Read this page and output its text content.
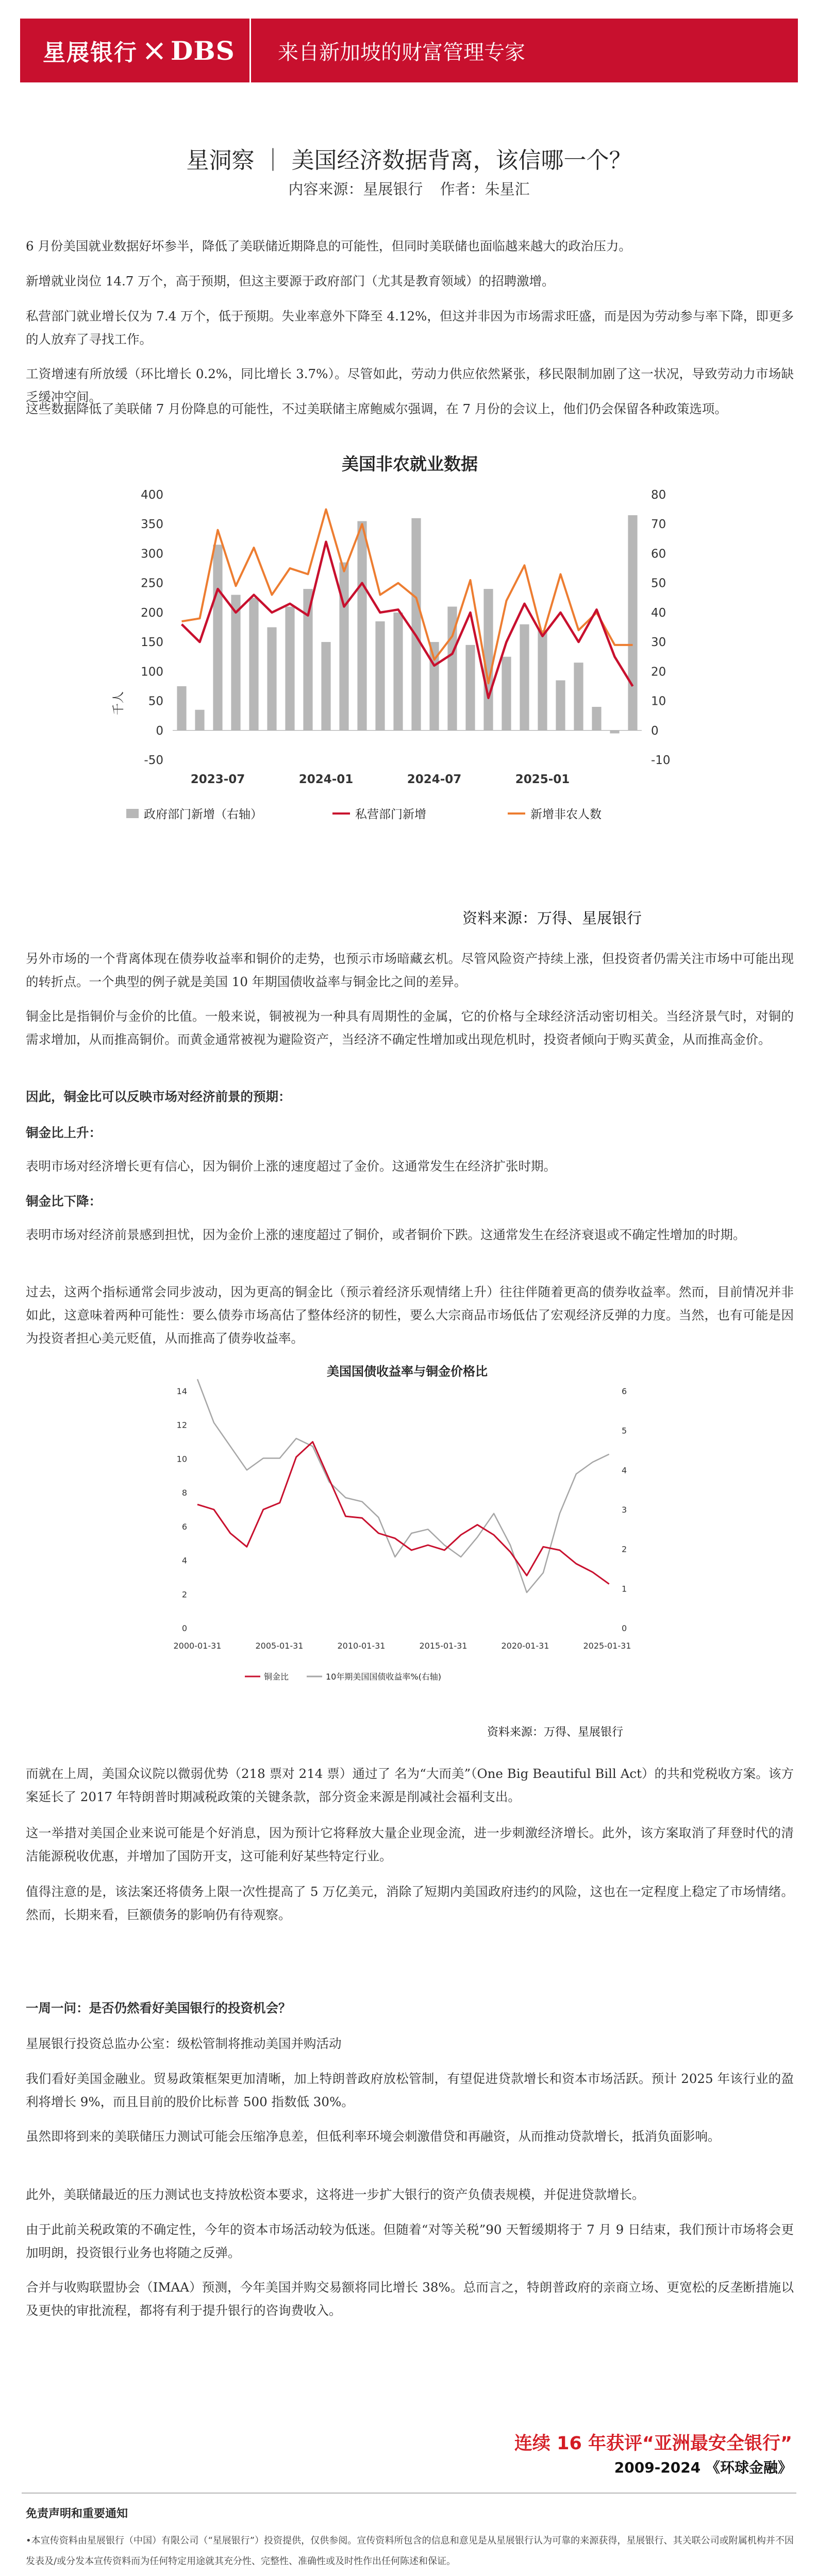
星展银行 DBS 来自新加坡的财富管理专家
星洞察 ｜ 美国经济数据背离，该信哪一个？
内容来源：星展银行 作者：朱星汇
6 月份美国就业数据好坏参半，降低了美联储近期降息的可能性，但同时美联储也面临越来越大的政治压力。
新增就业岗位 14.7 万个，高于预期，但这主要源于政府部门（尤其是教育领域）的招聘激增。
私营部门就业增长仅为 7.4 万个，低于预期。失业率意外下降至 4.12%，但这并非因为市场需求旺盛，而是因为劳动参与率下降，即更多的人放弃了寻找工作。
工资增速有所放缓（环比增长 0.2%，同比增长 3.7%）。尽管如此，劳动力供应依然紧张，移民限制加剧了这一状况，导致劳动力市场缺乏缓冲空间。
这些数据降低了美联储 7 月份降息的可能性，不过美联储主席鲍威尔强调，在 7 月份的会议上，他们仍会保留各种政策选项。
美国非农就业数据
千人
-50
0
50
100
150
200
250
300
350
400
-10
0
10
20
30
40
50
60
70
80
2023-07	2024-01	2024-07	2025-01
政府部门新增（右轴）	私营部门新增	新增非农人数
资料来源：万得、星展银行
另外市场的一个背离体现在债券收益率和铜价的走势，也预示市场暗藏玄机。尽管风险资产持续上涨，但投资者仍需关注市场中可能出现的转折点。一个典型的例子就是美国 10 年期国债收益率与铜金比之间的差异。
铜金比是指铜价与金价的比值。一般来说，铜被视为一种具有周期性的金属，它的价格与全球经济活动密切相关。当经济景气时，对铜的需求增加，从而推高铜价。而黄金通常被视为避险资产，当经济不确定性增加或出现危机时，投资者倾向于购买黄金，从而推高金价。
因此，铜金比可以反映市场对经济前景的预期：
铜金比上升：
表明市场对经济增长更有信心，因为铜价上涨的速度超过了金价。这通常发生在经济扩张时期。
铜金比下降：
表明市场对经济前景感到担忧，因为金价上涨的速度超过了铜价，或者铜价下跌。这通常发生在经济衰退或不确定性增加的时期。
过去，这两个指标通常会同步波动，因为更高的铜金比（预示着经济乐观情绪上升）往往伴随着更高的债券收益率。然而，目前情况并非如此，这意味着两种可能性：要么债券市场高估了整体经济的韧性，要么大宗商品市场低估了宏观经济反弹的力度。当然，也有可能是因为投资者担心美元贬值，从而推高了债券收益率。
美国国债收益率与铜金价格比
0
2
4
6
8
10
12
14
0
1
2
3
4
5
6
2000-01-31	2005-01-31	2010-01-31	2015-01-31	2020-01-31	2025-01-31
铜金比	10年期美国国债收益率%(右轴)
资料来源：万得、星展银行
而就在上周，美国众议院以微弱优势（218 票对 214 票）通过了 名为“大而美”（One Big Beautiful Bill Act）的共和党税收方案。该方案延长了 2017 年特朗普时期减税政策的关键条款，部分资金来源是削减社会福利支出。
这一举措对美国企业来说可能是个好消息，因为预计它将释放大量企业现金流，进一步刺激经济增长。此外，该方案取消了拜登时代的清洁能源税收优惠，并增加了国防开支，这可能利好某些特定行业。
值得注意的是，该法案还将债务上限一次性提高了 5 万亿美元，消除了短期内美国政府违约的风险，这也在一定程度上稳定了市场情绪。然而，长期来看，巨额债务的影响仍有待观察。
一周一问：是否仍然看好美国银行的投资机会？
星展银行投资总监办公室：级松管制将推动美国并购活动
我们看好美国金融业。贸易政策框架更加清晰，加上特朗普政府放松管制，有望促进贷款增长和资本市场活跃。预计 2025 年该行业的盈利将增长 9%，而且目前的股价比标普 500 指数低 30%。
虽然即将到来的美联储压力测试可能会压缩净息差，但低利率环境会刺激借贷和再融资，从而推动贷款增长，抵消负面影响。
此外，美联储最近的压力测试也支持放松资本要求，这将进一步扩大银行的资产负债表规模，并促进贷款增长。
由于此前关税政策的不确定性，今年的资本市场活动较为低迷。但随着“对等关税”90 天暂缓期将于 7 月 9 日结束，我们预计市场将会更加明朗，投资银行业务也将随之反弹。
合并与收购联盟协会（IMAA）预测，今年美国并购交易额将同比增长 38%。总而言之，特朗普政府的亲商立场、更宽松的反垄断措施以及更快的审批流程，都将有利于提升银行的咨询费收入。
连续 16 年获评“亚洲最安全银行”
2009-2024 《环球金融》
免责声明和重要通知
•本宣传资料由星展银行（中国）有限公司（“星展银行”）投资提供，仅供参阅。宣传资料所包含的信息和意见是从星展银行认为可靠的来源获得，星展银行、其关联公司或附属机构并不因发表及/或分发本宣传资料而为任何特定用途就其充分性、完整性、准确性或及时性作出任何陈述和保证。
